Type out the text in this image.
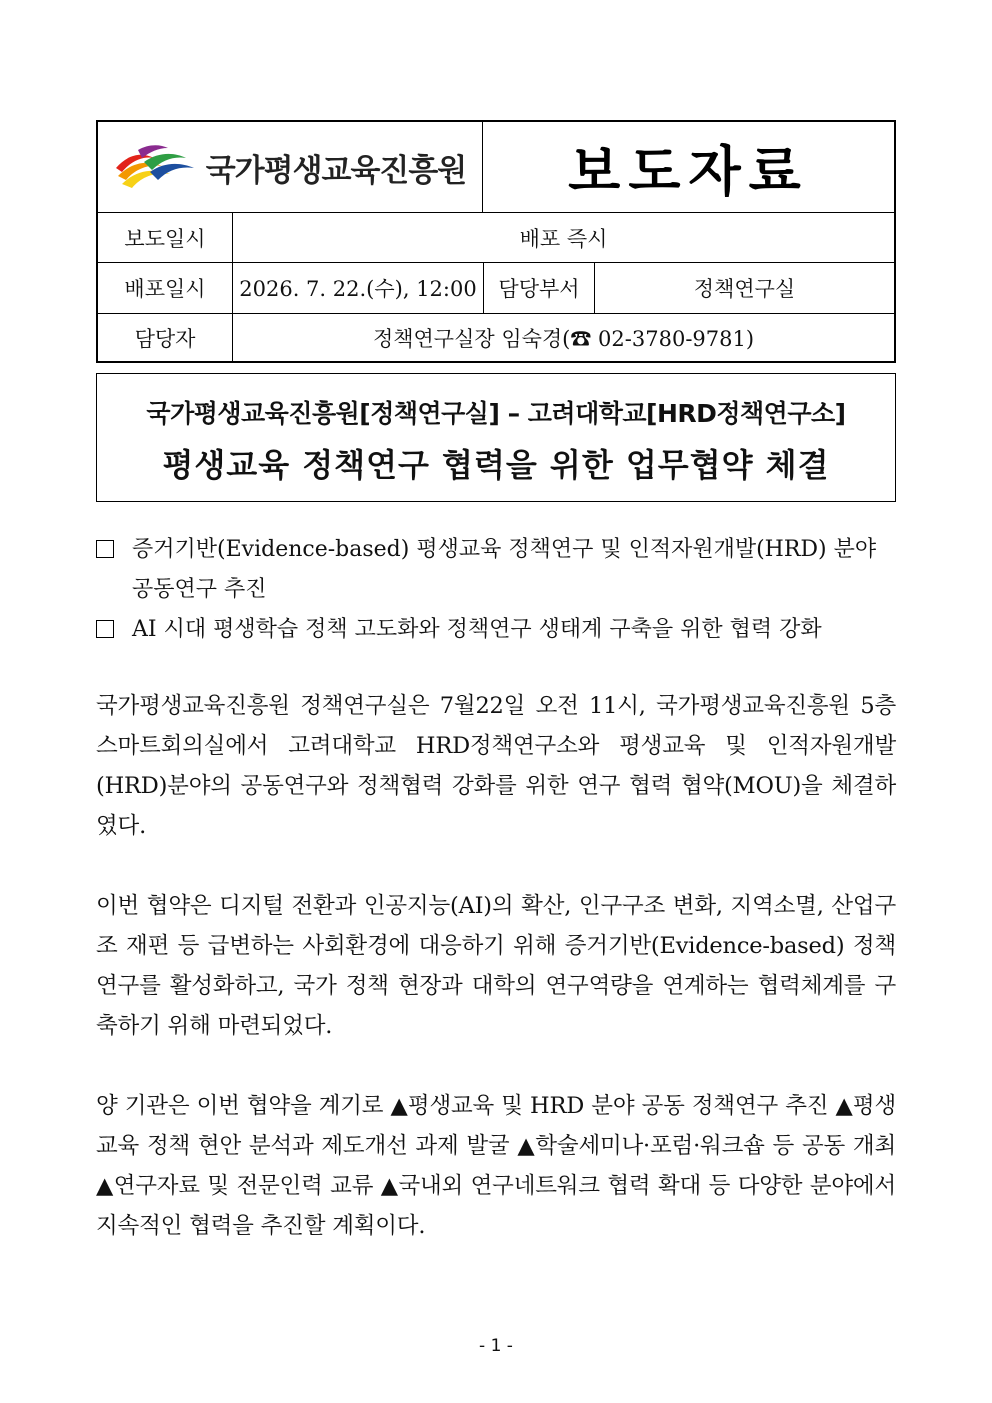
국가평생교육진흥원 보도자료
보도일시	배포 즉시
배포일시	2026. 7. 22.(수), 12:00	담당부서	정책연구실
담당자	정책연구실장 임숙경(☎ 02-3780-9781)
국가평생교육진흥원[정책연구실] – 고려대학교[HRD정책연구소]
평생교육 정책연구 협력을 위한 업무협약 체결
증거기반(Evidence-based) 평생교육 정책연구 및 인적자원개발(HRD) 분야 공동연구 추진
AI 시대 평생학습 정책 고도화와 정책연구 생태계 구축을 위한 협력 강화
국가평생교육진흥원 정책연구실은 7월22일 오전 11시, 국가평생교육진흥원 5층 스마트회의실에서 고려대학교 HRD정책연구소와 평생교육 및 인적자원개발(HRD)분야의 공동연구와 정책협력 강화를 위한 연구 협력 협약(MOU)을 체결하였다.
이번 협약은 디지털 전환과 인공지능(AI)의 확산, 인구구조 변화, 지역소멸, 산업구조 재편 등 급변하는 사회환경에 대응하기 위해 증거기반(Evidence-based) 정책연구를 활성화하고, 국가 정책 현장과 대학의 연구역량을 연계하는 협력체계를 구축하기 위해 마련되었다.
양 기관은 이번 협약을 계기로 ▲평생교육 및 HRD 분야 공동 정책연구 추진 ▲평생교육 정책 현안 분석과 제도개선 과제 발굴 ▲학술세미나·포럼·워크숍 등 공동 개최 ▲연구자료 및 전문인력 교류 ▲국내외 연구네트워크 협력 확대 등 다양한 분야에서 지속적인 협력을 추진할 계획이다.
- 1 -
